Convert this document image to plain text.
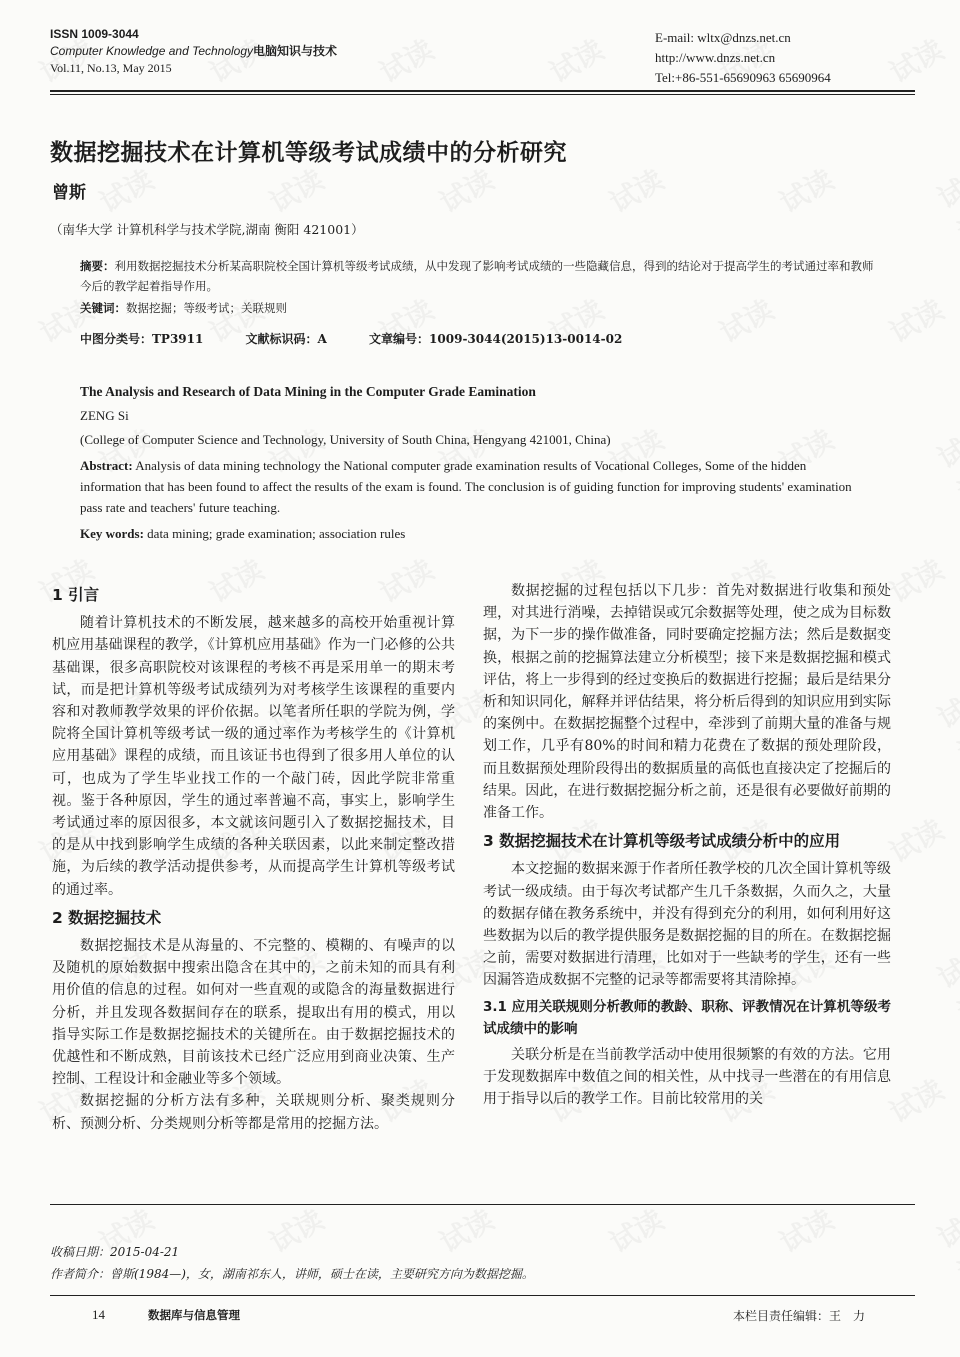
ISSN 1009-3044
Computer Knowledge and Technology电脑知识与技术
Vol.11, No.13, May 2015
E-mail: wltx@dnzs.net.cn
http://www.dnzs.net.cn
Tel:+86-551-65690963 65690964
数据挖掘技术在计算机等级考试成绩中的分析研究
曾斯
（南华大学 计算机科学与技术学院,湖南 衡阳 421001）
摘要：利用数据挖掘技术分析某高职院校全国计算机等级考试成绩，从中发现了影响考试成绩的一些隐藏信息，得到的结论对于提高学生的考试通过率和教师今后的教学起着指导作用。
关键词：数据挖掘；等级考试；关联规则
中图分类号：TP3911	文献标识码：A	文章编号：1009-3044(2015)13-0014-02
The Analysis and Research of Data Mining in the Computer Grade Eamination
ZENG Si
(College of Computer Science and Technology, University of South China, Hengyang 421001, China)
Abstract: Analysis of data mining technology the National computer grade examination results of Vocational Colleges, Some of the hidden information that has been found to affect the results of the exam is found. The conclusion is of guiding function for improving students' examination pass rate and teachers' future teaching.
Key words: data mining; grade examination; association rules
1 引言

随着计算机技术的不断发展，越来越多的高校开始重视计算机应用基础课程的教学，《计算机应用基础》作为一门必修的公共基础课，很多高职院校对该课程的考核不再是采用单一的期末考试，而是把计算机等级考试成绩列为对考核学生该课程的重要内容和对教师教学效果的评价依据。以笔者所任职的学院为例，学院将全国计算机等级考试一级的通过率作为考核学生的《计算机应用基础》课程的成绩，而且该证书也得到了很多用人单位的认可，也成为了学生毕业找工作的一个敲门砖，因此学院非常重视。鉴于各种原因，学生的通过率普遍不高，事实上，影响学生考试通过率的原因很多，本文就该问题引入了数据挖掘技术，目的是从中找到影响学生成绩的各种关联因素，以此来制定整改措施，为后续的教学活动提供参考，从而提高学生计算机等级考试的通过率。

2 数据挖掘技术

数据挖掘技术是从海量的、不完整的、模糊的、有噪声的以及随机的原始数据中搜索出隐含在其中的，之前未知的而具有利用价值的信息的过程。如何对一些直观的或隐含的海量数据进行分析，并且发现各数据间存在的联系，提取出有用的模式，用以指导实际工作是数据挖掘技术的关键所在。由于数据挖掘技术的优越性和不断成熟，目前该技术已经广泛应用到商业决策、生产控制、工程设计和金融业等多个领域。

数据挖掘的分析方法有多种，关联规则分析、聚类规则分析、预测分析、分类规则分析等都是常用的挖掘方法。

数据挖掘的过程包括以下几步：首先对数据进行收集和预处理，对其进行消噪，去掉错误或冗余数据等处理，使之成为目标数据，为下一步的操作做准备，同时要确定挖掘方法；然后是数据变换，根据之前的挖掘算法建立分析模型；接下来是数据挖掘和模式评估，将上一步得到的经过变换后的数据进行挖掘；最后是结果分析和知识同化，解释并评估结果，将分析后得到的知识应用到实际的案例中。在数据挖掘整个过程中，牵涉到了前期大量的准备与规划工作，几乎有80%的时间和精力花费在了数据的预处理阶段，而且数据预处理阶段得出的数据质量的高低也直接决定了挖掘后的结果。因此，在进行数据挖掘分析之前，还是很有必要做好前期的准备工作。

3 数据挖掘技术在计算机等级考试成绩分析中的应用

本文挖掘的数据来源于作者所任教学校的几次全国计算机等级考试一级成绩。由于每次考试都产生几千条数据，久而久之，大量的数据存储在教务系统中，并没有得到充分的利用，如何利用好这些数据为以后的教学提供服务是数据挖掘的目的所在。在数据挖掘之前，需要对数据进行清理，比如对于一些缺考的学生，还有一些因漏答造成数据不完整的记录等都需要将其清除掉。

3.1 应用关联规则分析教师的教龄、职称、评教情况在计算机等级考试成绩中的影响

关联分析是在当前教学活动中使用很频繁的有效的方法。它用于发现数据库中数值之间的相关性，从中找寻一些潜在的有用信息用于指导以后的教学工作。目前比较常用的关

收稿日期：2015-04-21
作者简介：曾斯(1984—)，女，湖南祁东人，讲师，硕士在读，主要研究方向为数据挖掘。
14	数据库与信息管理	本栏目责任编辑：王　力
